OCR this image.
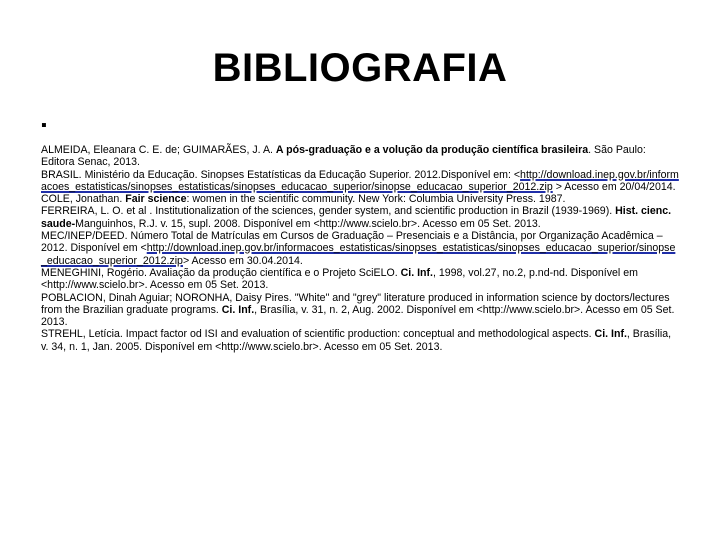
BIBLIOGRAFIA
▪

ALMEIDA, Eleanara C. E. de; GUIMARÃES, J. A. A pós-graduação e a volução da produção científica brasileira. São Paulo: Editora Senac, 2013.

BRASIL. Ministério da Educação. Sinopses Estatísticas da Educação Superior. 2012.Disponível em: <http://download.inep.gov.br/informacoes_estatisticas/sinopses_estatisticas/sinopses_educacao_superior/sinopse_educacao_superior_2012.zip > Acesso em 20/04/2014.

COLE, Jonathan. Fair science: women in the scientific community. New York: Columbia University Press. 1987.

FERREIRA, L. O. et al . Institutionalization of the sciences, gender system, and scientific production in Brazil (1939-1969). Hist. cienc. saude-Manguinhos, R.J. v. 15, supl. 2008. Disponível em <http://www.scielo.br>. Acesso em 05 Set. 2013.

MEC/INEP/DEED. Número Total de Matrículas em Cursos de Graduação – Presenciais e a Distância, por Organização Acadêmica – 2012. Disponível em <http://download.inep.gov.br/informacoes_estatisticas/sinopses_estatisticas/sinopses_educacao_superior/sinopse_educacao_superior_2012.zip> Acesso em 30.04.2014.

MENEGHINI, Rogério. Avaliação da produção científica e o Projeto SciELO. Ci. Inf., 1998, vol.27, no.2, p.nd-nd. Disponível em <http://www.scielo.br>. Acesso em 05 Set. 2013.

POBLACION, Dinah Aguiar; NORONHA, Daisy Pires. "White" and "grey" literature produced in information science by doctors/lectures from the Brazilian graduate programs. Ci. Inf., Brasília, v. 31, n. 2, Aug. 2002. Disponível em <http://www.scielo.br>. Acesso em 05 Set. 2013.

STREHL, Letícia. Impact factor od ISI and evaluation of scientific production: conceptual and methodological aspects. Ci. Inf., Brasília, v. 34, n. 1, Jan. 2005. Disponível em <http://www.scielo.br>. Acesso em 05 Set. 2013.
